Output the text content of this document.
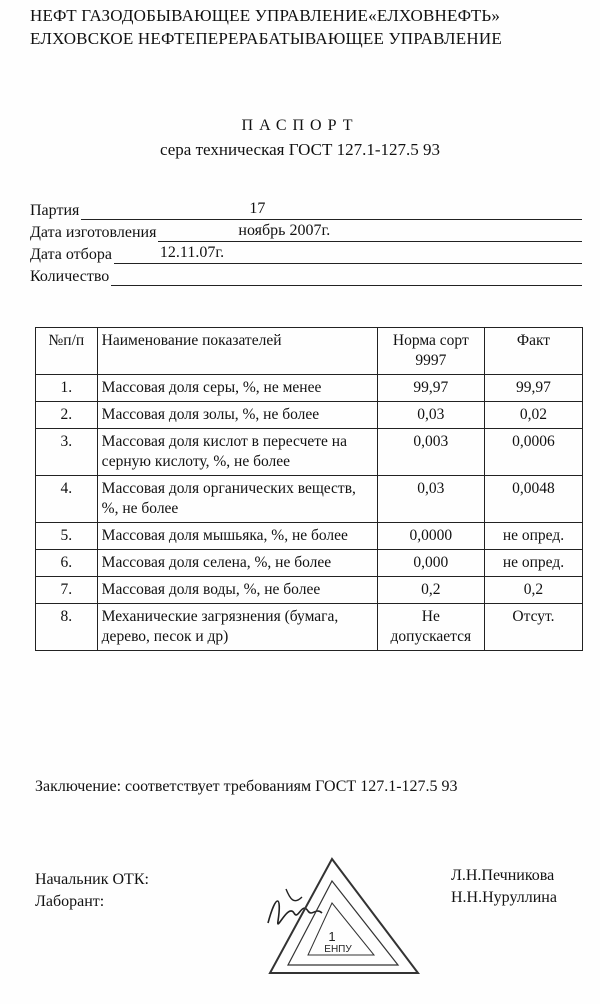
НЕФТ ГАЗОДОБЫВАЮЩЕЕ УПРАВЛЕНИЕ«ЕЛХОВНЕФТЬ»
ЕЛХОВСКОЕ НЕФТЕПЕРЕРАБАТЫВАЮЩЕЕ УПРАВЛЕНИЕ
ПАСПОРТ
сера техническая ГОСТ 127.1-127.5 93
Партия	17
Дата изготовления	ноябрь 2007г.
Дата отбора	12.11.07г.
Количество
№п/п	Наименование показателей	Норма сорт 9997	Факт
1.	Массовая доля серы, %, не менее	99,97	99,97
2.	Массовая доля золы, %, не более	0,03	0,02
3.	Массовая доля кислот в пересчете на серную кислоту, %, не более	0,003	0,0006
4.	Массовая доля органических веществ, %, не более	0,03	0,0048
5.	Массовая доля мышьяка, %, не более	0,0000	не опред.
6.	Массовая доля селена, %, не более	0,000	не опред.
7.	Массовая доля воды, %, не более	0,2	0,2
8.	Механические загрязнения (бумага, дерево, песок и др)	Не допускается	Отсут.
Заключение: соответствует требованиям ГОСТ 127.1-127.5 93
Начальник ОТК:
Лаборант:
Л.Н.Печникова
Н.Н.Нуруллина
1
ЕНПУ
